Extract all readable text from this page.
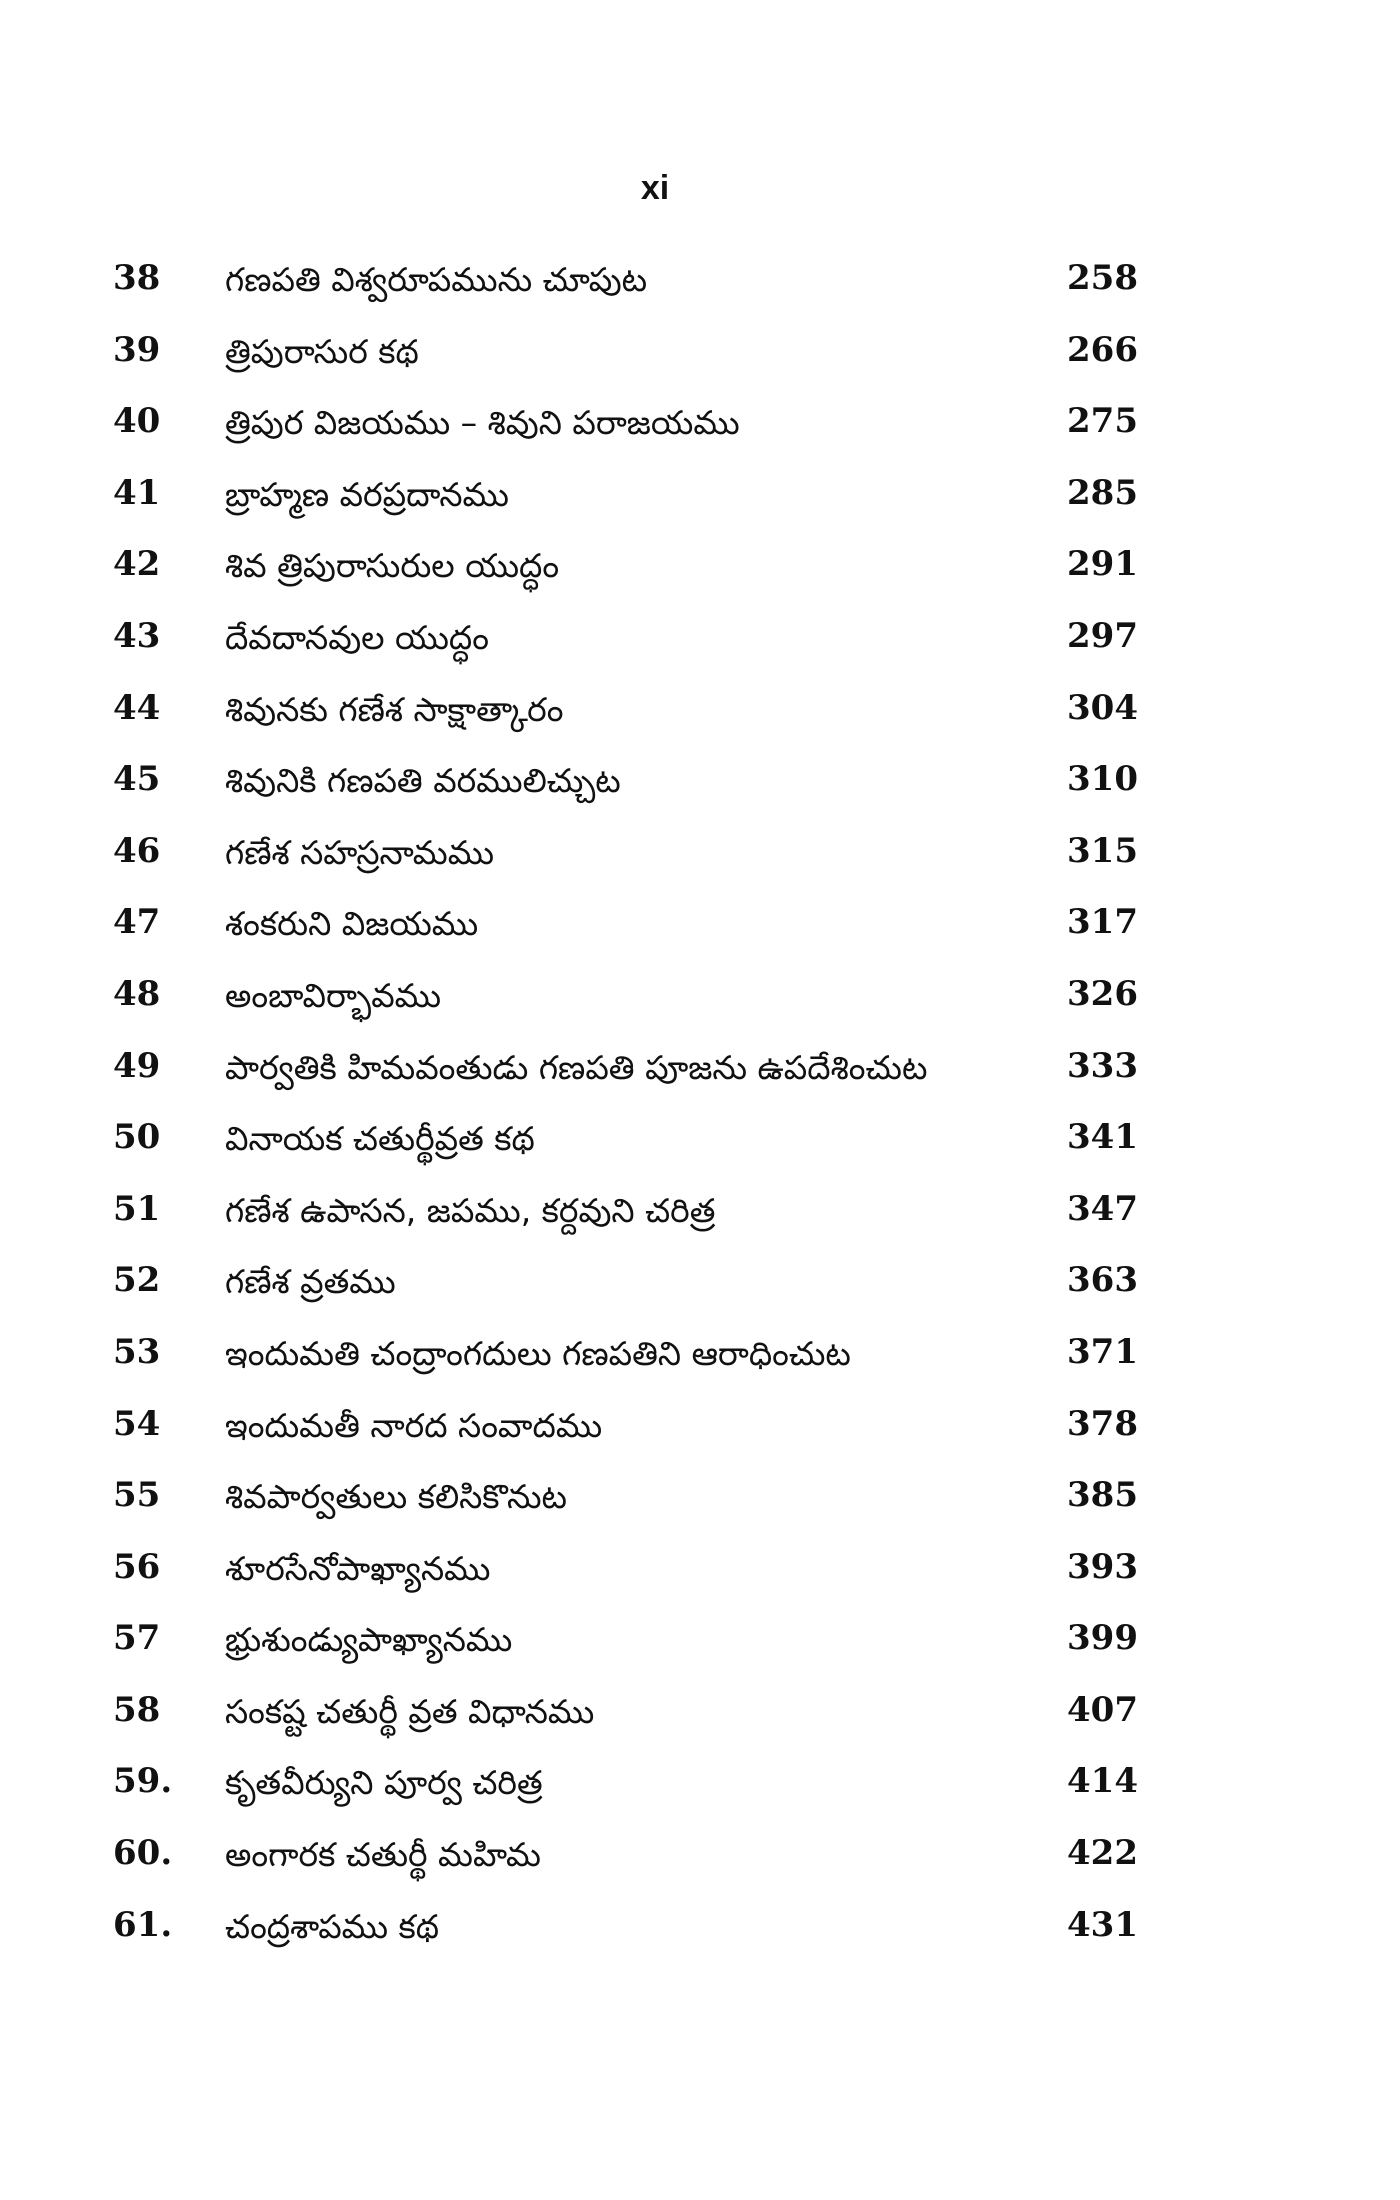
xi
38 గణపతి విశ్వరూపమును చూపుట	258
39 త్రిపురాసుర కథ	266
40 త్రిపుర విజయము – శివుని పరాజయము	275
41 బ్రాహ్మణ వరప్రదానము	285
42 శివ త్రిపురాసురుల యుద్ధం	291
43 దేవదానవుల యుద్ధం	297
44 శివునకు గణేశ సాక్షాత్కారం	304
45 శివునికి గణపతి వరములిచ్చుట	310
46 గణేశ సహస్రనామము	315
47 శంకరుని విజయము	317
48 అంబావిర్భావము	326
49 పార్వతికి హిమవంతుడు గణపతి పూజను ఉపదేశించుట	333
50 వినాయక చతుర్థీవ్రత కథ	341
51 గణేశ ఉపాసన, జపము, కర్దవుని చరిత్ర	347
52 గణేశ వ్రతము	363
53 ఇందుమతి చంద్రాంగదులు గణపతిని ఆరాధించుట	371
54 ఇందుమతీ నారద సంవాదము	378
55 శివపార్వతులు కలిసికొనుట	385
56 శూరసేనోపాఖ్యానము	393
57 భ్రుశుండ్యుపాఖ్యానము	399
58 సంకష్ట చతుర్థీ వ్రత విధానము	407
59. కృతవీర్యుని పూర్వ చరిత్ర	414
60. అంగారక చతుర్థీ మహిమ	422
61. చంద్రశాపము కథ	431
